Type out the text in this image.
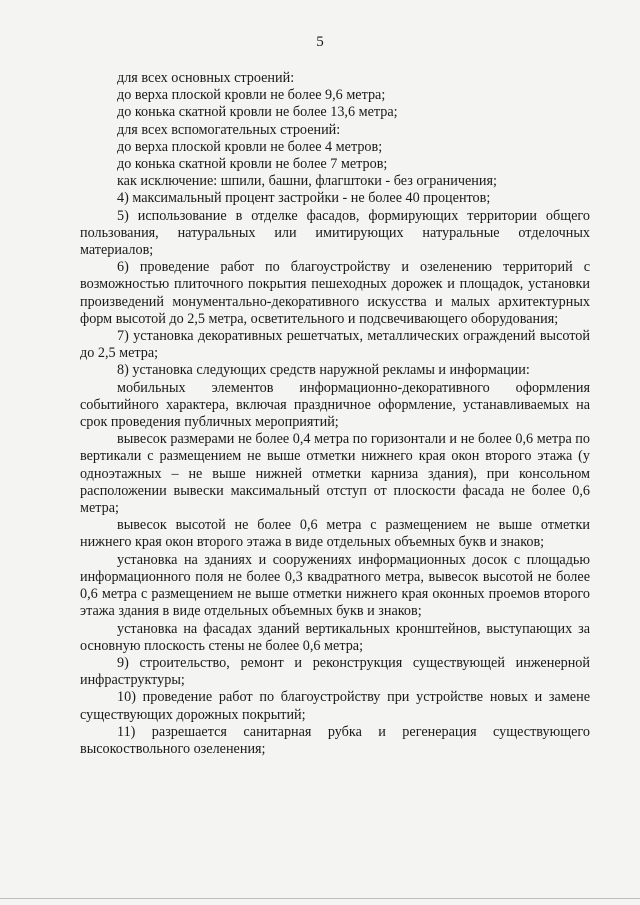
5

для всех основных строений:

до верха плоской кровли не более 9,6 метра;

до конька скатной кровли не более 13,6 метра;

для всех вспомогательных строений:

до верха плоской кровли не более 4 метров;

до конька скатной кровли не более 7 метров;

как исключение: шпили, башни, флагштоки - без ограничения;

4) максимальный процент застройки - не более 40 процентов;

5) использование в отделке фасадов, формирующих территории общего пользования, натуральных или имитирующих натуральные отделочных материалов;

6) проведение работ по благоустройству и озеленению территорий с возможностью плиточного покрытия пешеходных дорожек и площадок, установки произведений монументально-декоративного искусства и малых архитектурных форм высотой до 2,5 метра, осветительного и подсвечивающего оборудования;

7) установка декоративных решетчатых, металлических ограждений высотой до 2,5 метра;

8) установка следующих средств наружной рекламы и информации:

мобильных элементов информационно-декоративного оформления событийного характера, включая праздничное оформление, устанавливаемых на срок проведения публичных мероприятий;

вывесок размерами не более 0,4 метра по горизонтали и не более 0,6 метра по вертикали с размещением не выше отметки нижнего края окон второго этажа (у одноэтажных – не выше нижней отметки карниза здания), при консольном расположении вывески максимальный отступ от плоскости фасада не более 0,6 метра;

вывесок высотой не более 0,6 метра с размещением не выше отметки нижнего края окон второго этажа в виде отдельных объемных букв и знаков;

установка на зданиях и сооружениях информационных досок с площадью информационного поля не более 0,3 квадратного метра, вывесок высотой не более 0,6 метра с размещением не выше отметки нижнего края оконных проемов второго этажа здания в виде отдельных объемных букв и знаков;

установка на фасадах зданий вертикальных кронштейнов, выступающих за основную плоскость стены не более 0,6 метра;

9) строительство, ремонт и реконструкция существующей инженерной инфраструктуры;

10) проведение работ по благоустройству при устройстве новых и замене существующих дорожных покрытий;

11) разрешается санитарная рубка и регенерация существующего высокоствольного озеленения;
